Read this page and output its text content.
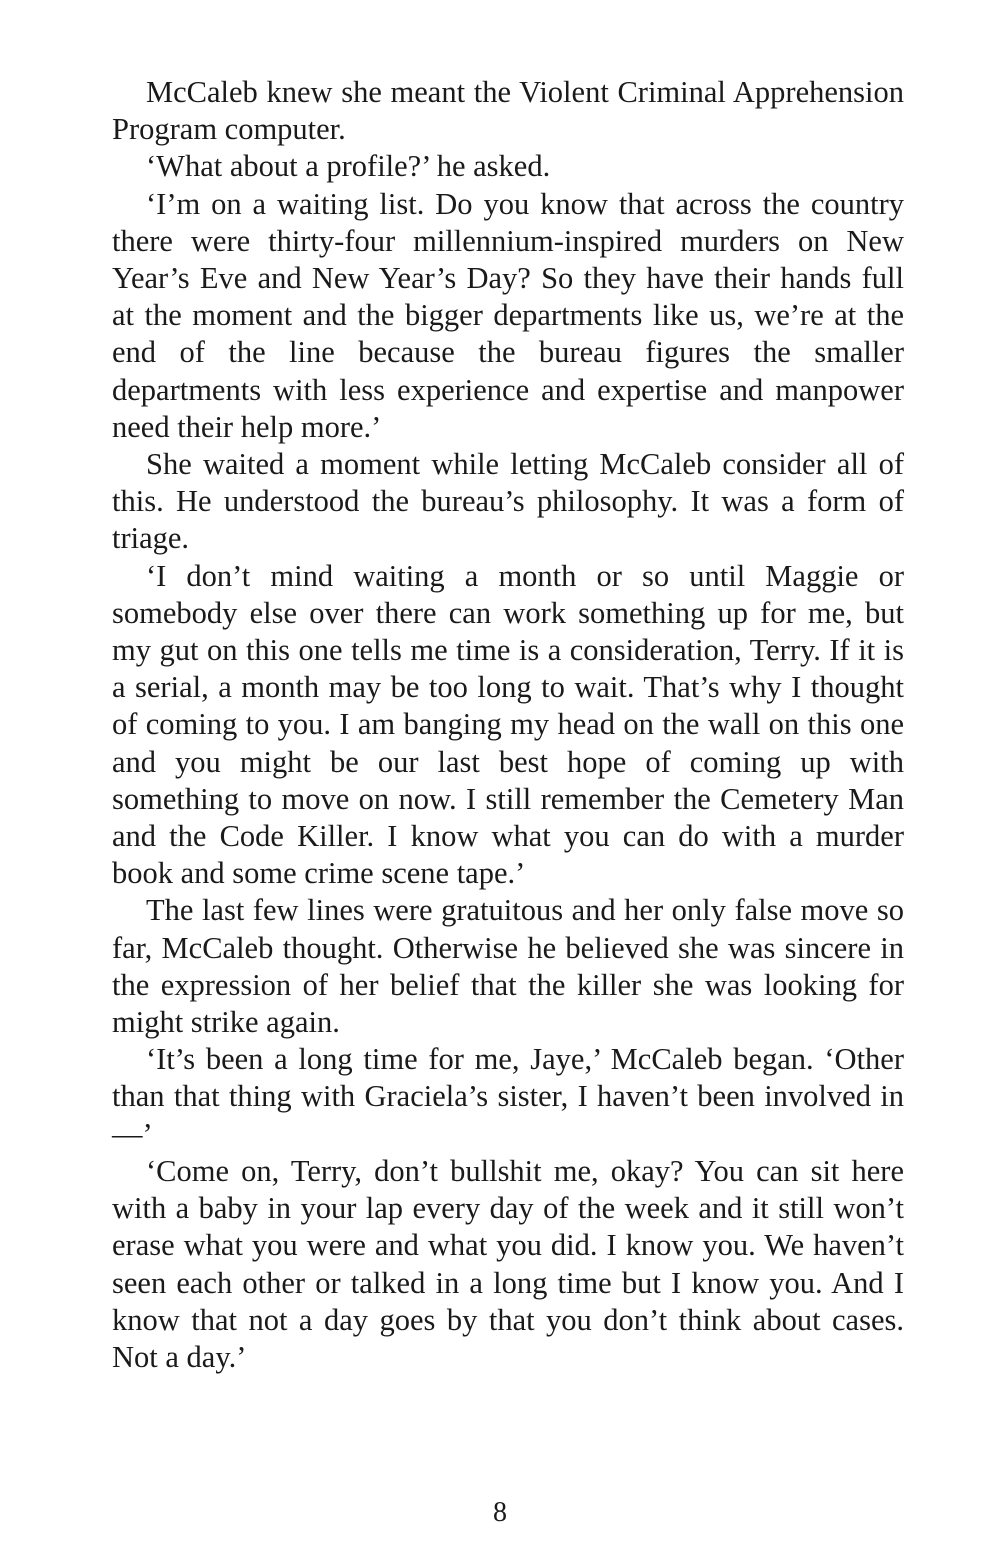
McCaleb knew she meant the Violent Criminal Apprehension Program computer.

‘What about a profile?’ he asked.

‘I’m on a waiting list. Do you know that across the country there were thirty-four millennium-inspired murders on New Year’s Eve and New Year’s Day? So they have their hands full at the moment and the bigger departments like us, we’re at the end of the line because the bureau figures the smaller departments with less experience and expertise and manpower need their help more.’

She waited a moment while letting McCaleb consider all of this. He understood the bureau’s philosophy. It was a form of triage.

‘I don’t mind waiting a month or so until Maggie or somebody else over there can work something up for me, but my gut on this one tells me time is a consideration, Terry. If it is a serial, a month may be too long to wait. That’s why I thought of coming to you. I am banging my head on the wall on this one and you might be our last best hope of coming up with something to move on now. I still remember the Cemetery Man and the Code Killer. I know what you can do with a murder book and some crime scene tape.’

The last few lines were gratuitous and her only false move so far, McCaleb thought. Otherwise he believed she was sincere in the expression of her belief that the killer she was looking for might strike again.

‘It’s been a long time for me, Jaye,’ McCaleb began. ‘Other than that thing with Graciela’s sister, I haven’t been involved in—’

‘Come on, Terry, don’t bullshit me, okay? You can sit here with a baby in your lap every day of the week and it still won’t erase what you were and what you did. I know you. We haven’t seen each other or talked in a long time but I know you. And I know that not a day goes by that you don’t think about cases. Not a day.’

8
